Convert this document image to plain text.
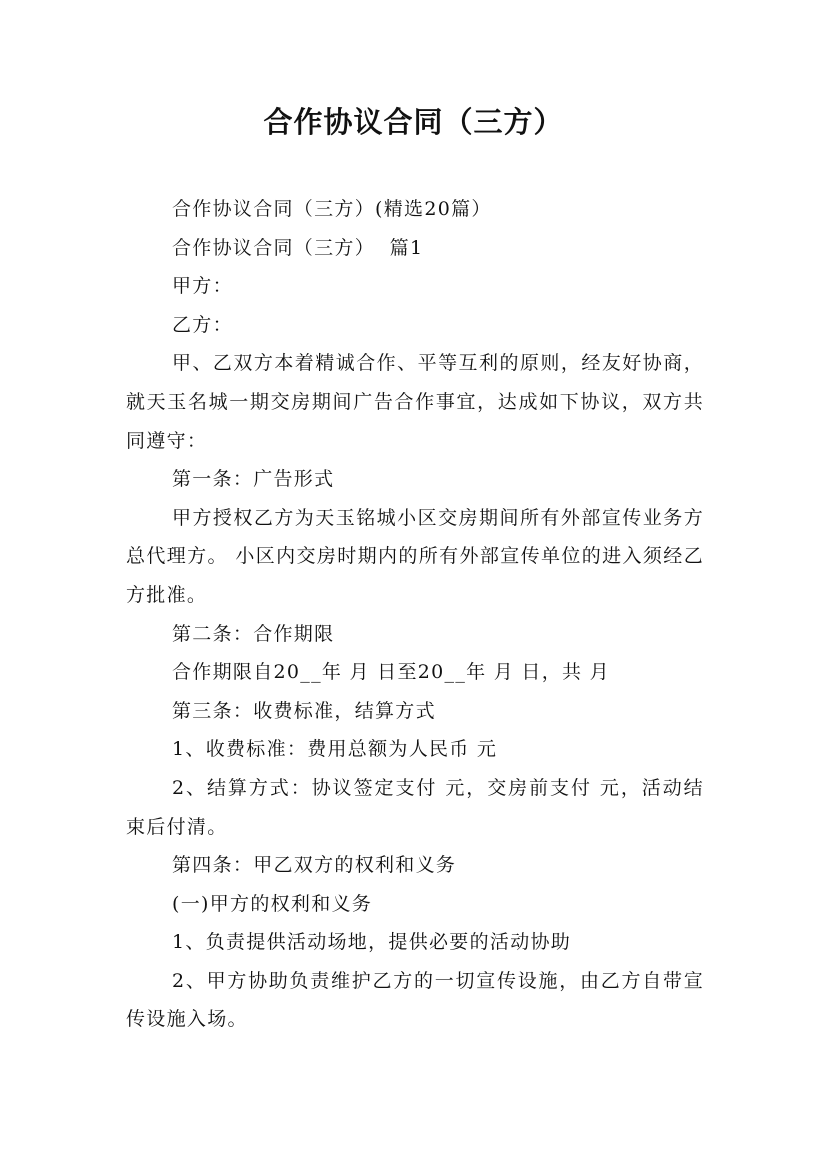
合作协议合同（三方）

合作协议合同（三方）(精选20篇）

合作协议合同（三方）  篇1

甲方：

乙方：

甲、乙双方本着精诚合作、平等互利的原则，经友好协商，就天玉名城一期交房期间广告合作事宜，达成如下协议，双方共同遵守：

第一条：广告形式

甲方授权乙方为天玉铭城小区交房期间所有外部宣传业务方总代理方。 小区内交房时期内的所有外部宣传单位的进入须经乙方批准。

第二条：合作期限

合作期限自20__年 月 日至20__年 月 日，共 月

第三条：收费标准，结算方式

1、收费标准：费用总额为人民币 元

2、结算方式：协议签定支付 元，交房前支付 元，活动结束后付清。

第四条：甲乙双方的权利和义务

(一)甲方的权利和义务

1、负责提供活动场地，提供必要的活动协助

2、甲方协助负责维护乙方的一切宣传设施，由乙方自带宣传设施入场。
